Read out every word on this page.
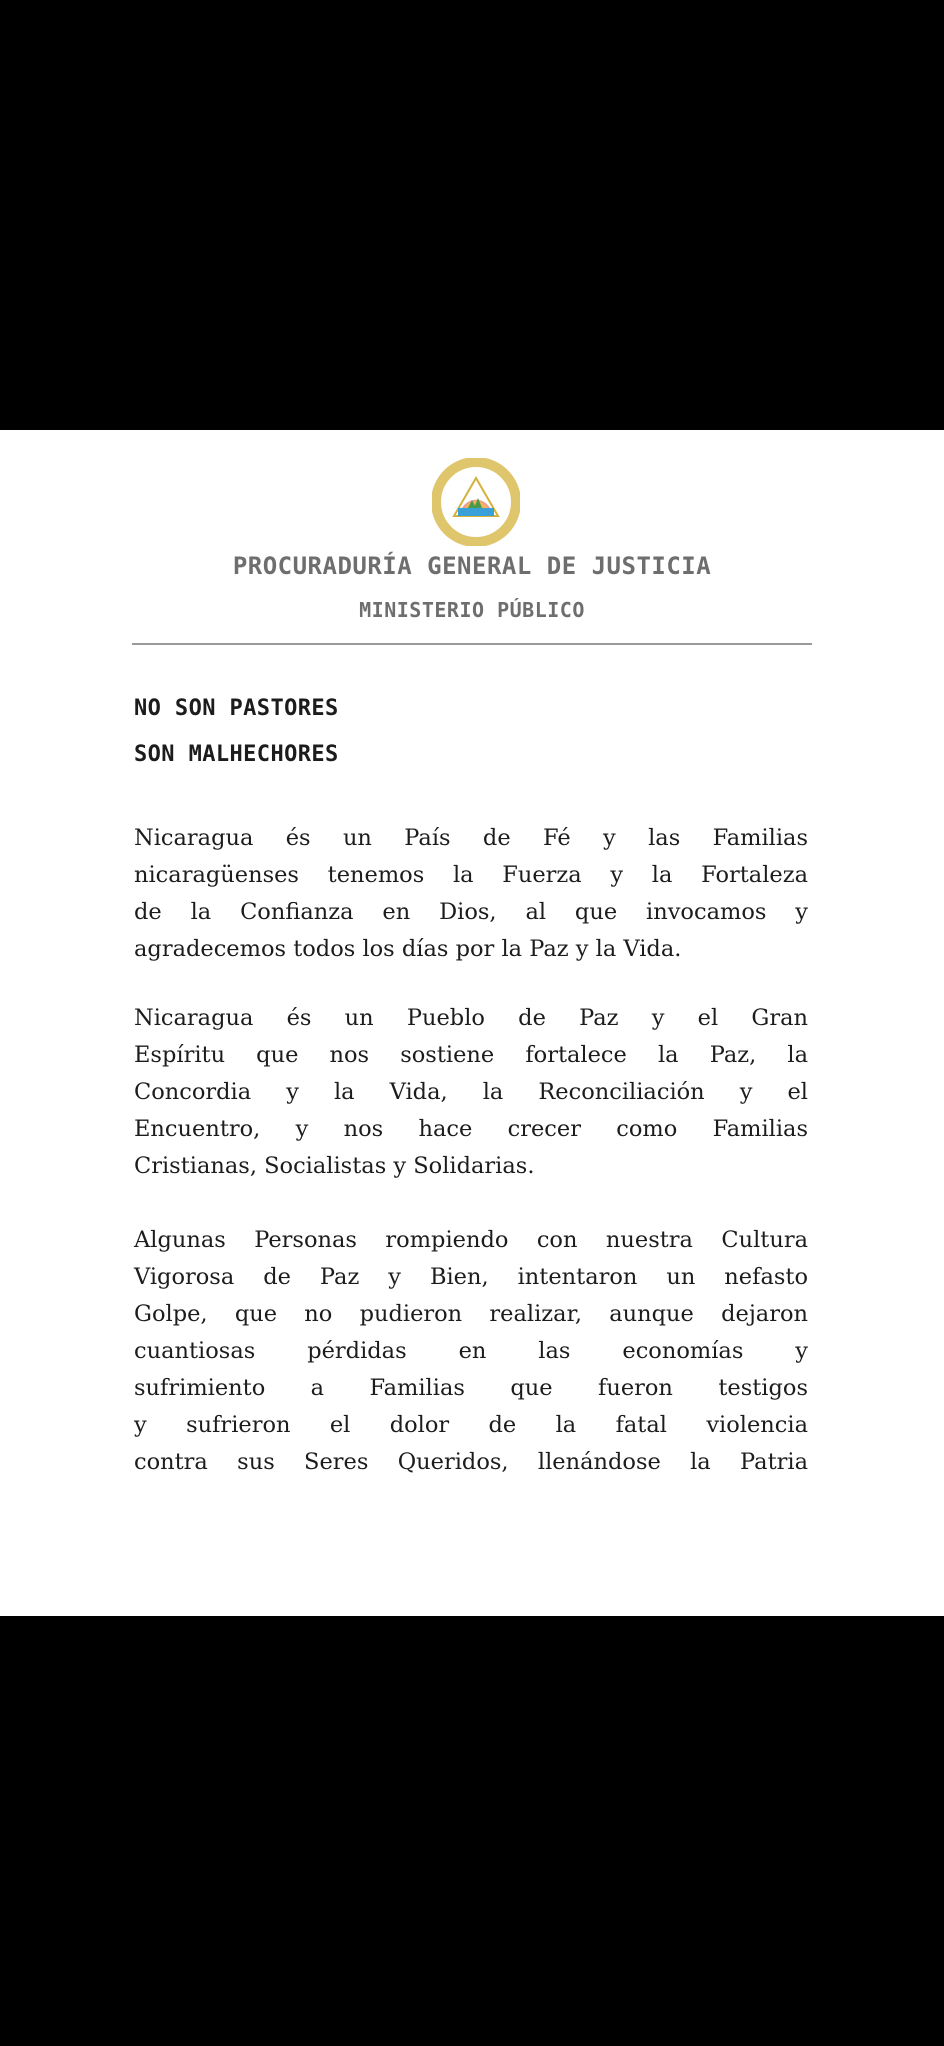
PROCURADURÍA GENERAL DE JUSTICIA
MINISTERIO PÚBLICO
NO SON PASTORES
SON MALHECHORES
Nicaragua és un País de Fé y las Familias
nicaragüenses tenemos la Fuerza y la Fortaleza
de la Confianza en Dios, al que invocamos y
agradecemos todos los días por la Paz y la Vida.
Nicaragua és un Pueblo de Paz y el Gran
Espíritu que nos sostiene fortalece la Paz, la
Concordia y la Vida, la Reconciliación y el
Encuentro, y nos hace crecer como Familias
Cristianas, Socialistas y Solidarias.
Algunas Personas rompiendo con nuestra Cultura
Vigorosa de Paz y Bien, intentaron un nefasto
Golpe, que no pudieron realizar, aunque dejaron
cuantiosas pérdidas en las economías y
sufrimiento a Familias que fueron testigos
y sufrieron el dolor de la fatal violencia
contra sus Seres Queridos, llenándose la Patria
